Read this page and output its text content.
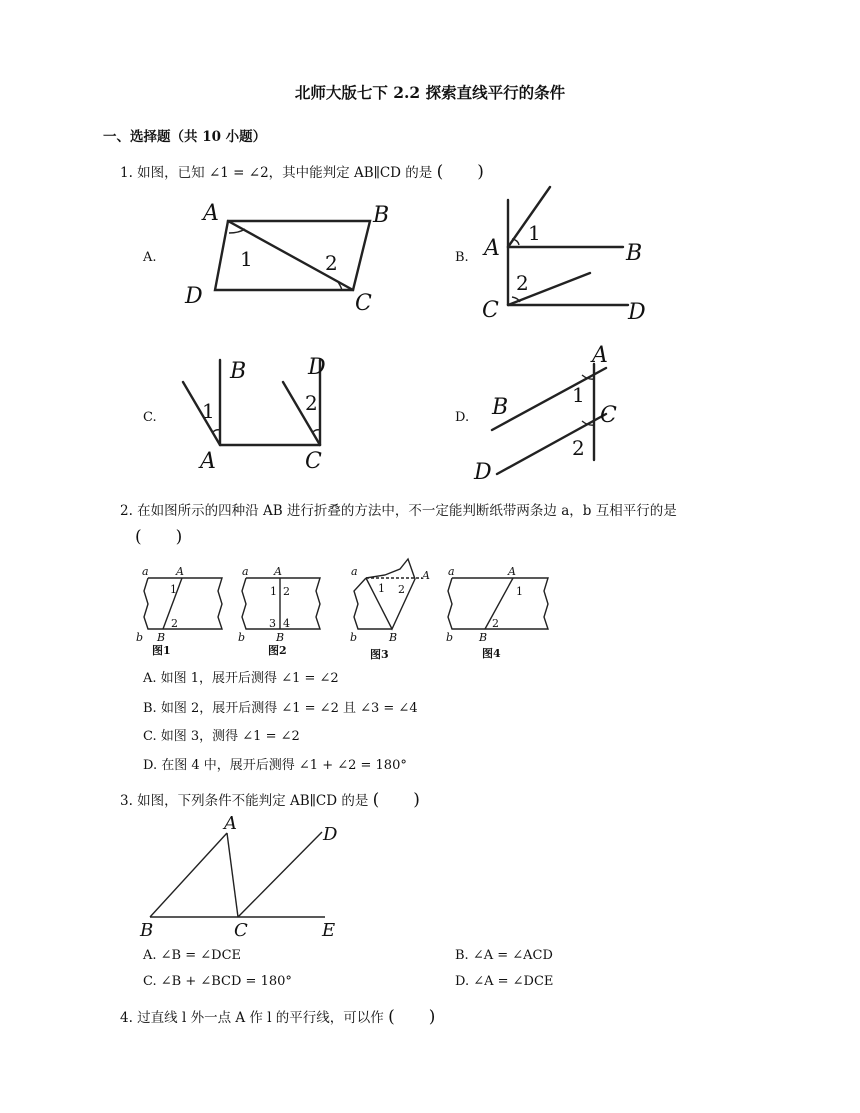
北师大版七下 2.2 探索直线平行的条件
一、选择题（共 10 小题）
1. 如图，已知 ∠1 = ∠2，其中能判定 AB∥CD 的是 (　　)
A.
A	B
C
D
1	2	B. A	B
C	D
1
2
C.
B	D
A	C
1	2
D.
A
B	C
D
1
2
2. 在如图所示的四种沿 AB 进行折叠的方法中，不一定能判断纸带两条边 a，b 互相平行的是
(　　)
a A
b B
1
2
图1
a A
b	B
1 2
3 4
图2
a	A
b	B
1 2
图3
a	A
b B
1
2
图4
A. 如图 1，展开后测得 ∠1 = ∠2
B. 如图 2，展开后测得 ∠1 = ∠2 且 ∠3 = ∠4
C. 如图 3，测得 ∠1 = ∠2
D. 在图 4 中，展开后测得 ∠1 + ∠2 = 180°
3. 如图，下列条件不能判定 AB∥CD 的是 (　　)
A
B	C
D
E
A. ∠B = ∠DCE	B. ∠A = ∠ACD
C. ∠B + ∠BCD = 180°	D. ∠A = ∠DCE
4. 过直线 l 外一点 A 作 l 的平行线，可以作 (　　)
